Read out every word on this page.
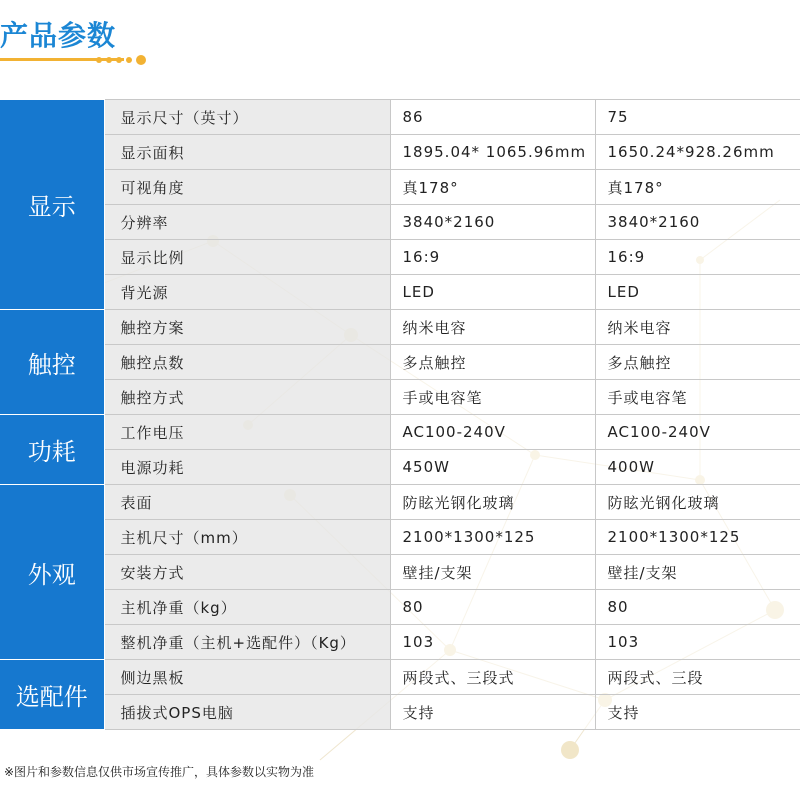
产品参数
显示	显示尺寸（英寸）	86	75
	显示面积	1895.04* 1065.96mm	1650.24*928.26mm
	可视角度	真178°	真178°
	分辨率	3840*2160	3840*2160
	显示比例	16:9	16:9
	背光源	LED	LED
触控	触控方案	纳米电容	纳米电容
	触控点数	多点触控	多点触控
	触控方式	手或电容笔	手或电容笔
功耗	工作电压	AC100-240V	AC100-240V
	电源功耗	450W	400W
外观	表面	防眩光钢化玻璃	防眩光钢化玻璃
	主机尺寸（mm）	2100*1300*125	2100*1300*125
	安装方式	壁挂/支架	壁挂/支架
	主机净重（kg）	80	80
	整机净重（主机+选配件）（Kg）	103	103
选配件	侧边黑板	两段式、三段式	两段式、三段
	插拔式OPS电脑	支持	支持
※图片和参数信息仅供市场宣传推广，具体参数以实物为准
